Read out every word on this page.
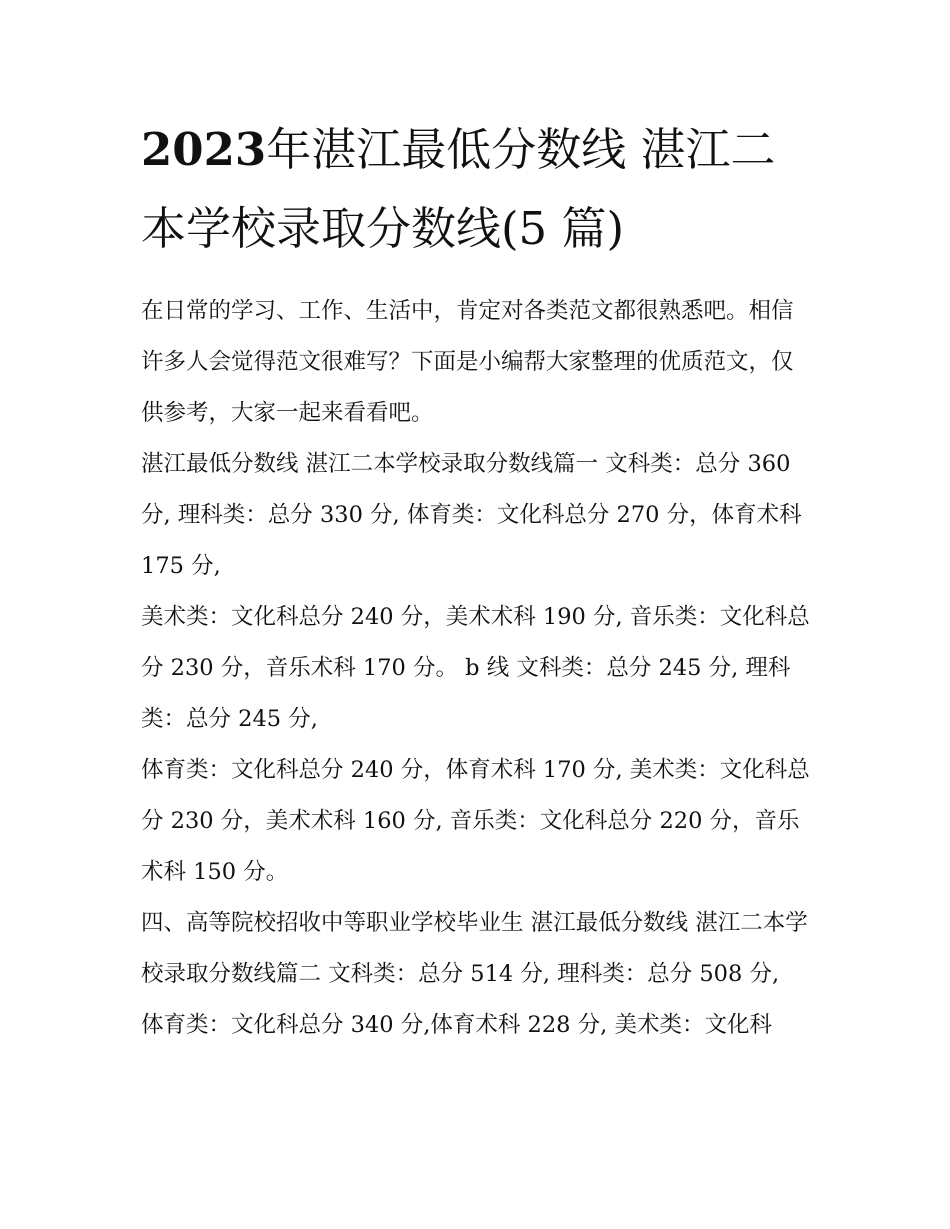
2023年湛江最低分数线 湛江二本学校录取分数线(5 篇)

在日常的学习、工作、生活中，肯定对各类范文都很熟悉吧。相信许多人会觉得范文很难写？下面是小编帮大家整理的优质范文，仅供参考，大家一起来看看吧。

湛江最低分数线 湛江二本学校录取分数线篇一 文科类：总分 360 分, 理科类：总分 330 分, 体育类：文化科总分 270 分，体育术科 175 分,

美术类：文化科总分 240 分，美术术科 190 分, 音乐类：文化科总分 230 分，音乐术科 170 分。 b 线 文科类：总分 245 分, 理科类：总分 245 分,

体育类：文化科总分 240 分，体育术科 170 分, 美术类：文化科总分 230 分，美术术科 160 分, 音乐类：文化科总分 220 分，音乐术科 150 分。

四、高等院校招收中等职业学校毕业生 湛江最低分数线 湛江二本学校录取分数线篇二 文科类：总分 514 分, 理科类：总分 508 分,

体育类：文化科总分 340 分,体育术科 228 分, 美术类：文化科
